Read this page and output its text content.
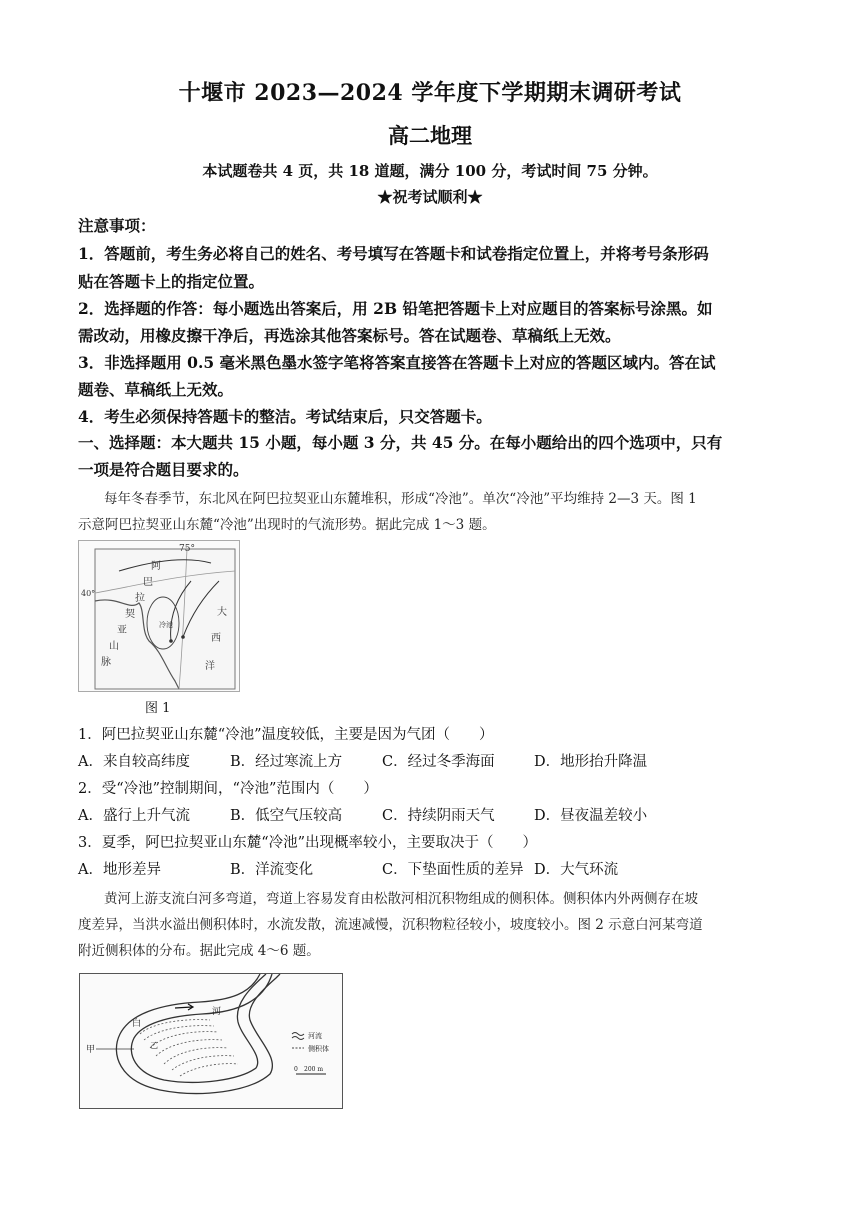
十堰市 2023—2024 学年度下学期期末调研考试
高二地理
本试题卷共 4 页，共 18 道题，满分 100 分，考试时间 75 分钟。
★祝考试顺利★
注意事项：
1．答题前，考生务必将自己的姓名、考号填写在答题卡和试卷指定位置上，并将考号条形码
贴在答题卡上的指定位置。
2．选择题的作答：每小题选出答案后，用 2B 铅笔把答题卡上对应题目的答案标号涂黑。如
需改动，用橡皮擦干净后，再选涂其他答案标号。答在试题卷、草稿纸上无效。
3．非选择题用 0.5 毫米黑色墨水签字笔将答案直接答在答题卡上对应的答题区域内。答在试
题卷、草稿纸上无效。
4．考生必须保持答题卡的整洁。考试结束后，只交答题卡。
一、选择题：本大题共 15 小题，每小题 3 分，共 45 分。在每小题给出的四个选项中，只有
一项是符合题目要求的。
每年冬春季节，东北风在阿巴拉契亚山东麓堆积，形成“冷池”。单次“冷池”平均维持 2—3 天。图 1
示意阿巴拉契亚山东麓“冷池”出现时的气流形势。据此完成 1～3 题。
75°
40°
阿
巴
拉
契
亚
山
脉
大
西
洋
冷池
图 1
1．阿巴拉契亚山东麓“冷池”温度较低，主要是因为气团（　　）
A．来自较高纬度	B．经过寒流上方	C．经过冬季海面	D．地形抬升降温
2．受“冷池”控制期间，“冷池”范围内（　　）
A．盛行上升气流	B．低空气压较高	C．持续阴雨天气	D．昼夜温差较小
3．夏季，阿巴拉契亚山东麓“冷池”出现概率较小，主要取决于（　　）
A．地形差异	B．洋流变化	C．下垫面性质的差异 D．大气环流
黄河上游支流白河多弯道，弯道上容易发育由松散河相沉积物组成的侧积体。侧积体内外两侧存在坡
度差异，当洪水溢出侧积体时，水流发散，流速减慢，沉积物粒径较小，坡度较小。图 2 示意白河某弯道
附近侧积体的分布。据此完成 4～6 题。
白
河
甲	乙
河流
侧积体
0 200 m
